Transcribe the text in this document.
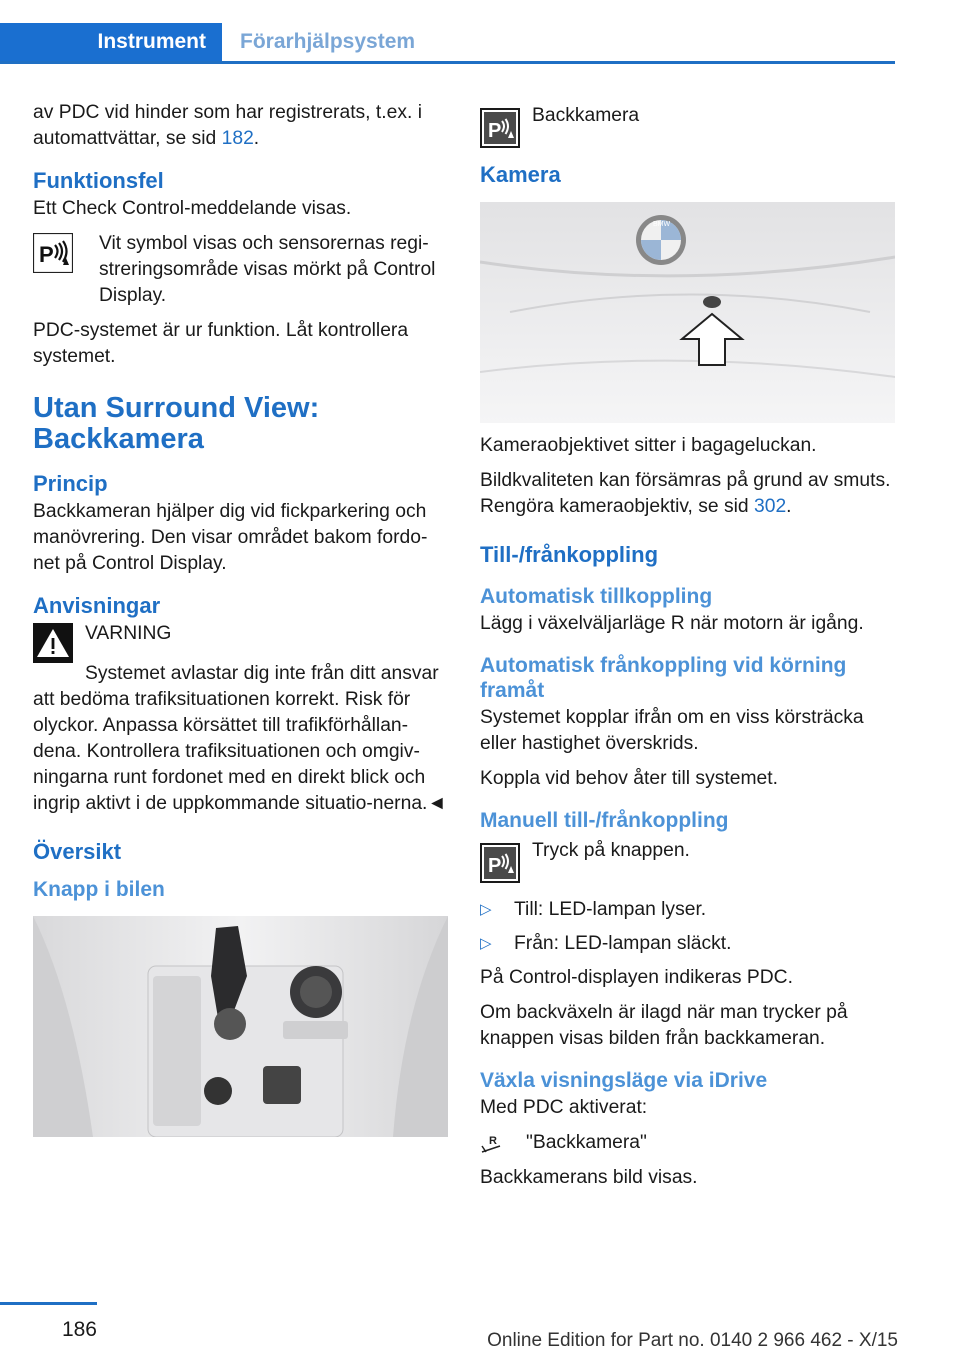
Instrument	Förarhjälpsystem

av PDC vid hinder som har registrerats, t.ex. i automattvättar, se sid 182.

Funktionsfel

Ett Check Control-meddelande visas.

P Vit symbol visas och sensorernas regi-streringsområde visas mörkt på Control Display.

PDC-systemet är ur funktion. Låt kontrollera systemet.

Utan Surround View: Backkamera
Princip

Backkameran hjälper dig vid fickparkering och manövrering. Den visar området bakom fordo-net på Control Display.

Anvisningar

VARNING

Systemet avlastar dig inte från ditt ansvar att bedöma trafiksituationen korrekt. Risk för olyckor. Anpassa körsättet till trafikförhållan-dena. Kontrollera trafiksituationen och omgiv-ningarna runt fordonet med en direkt blick och ingrip aktivt i de uppkommande situatio-nerna.◄

Översikt
Knapp i bilen
P

Backkamera

Kamera
BMW

Kameraobjektivet sitter i bagageluckan.

Bildkvaliteten kan försämras på grund av smuts. Rengöra kameraobjektiv, se sid 302.

Till-/frånkoppling
Automatisk tillkoppling

Lägg i växelväljarläge R när motorn är igång.

Automatisk frånkoppling vid körning framåt

Systemet kopplar ifrån om en viss körsträcka eller hastighet överskrids.

Koppla vid behov åter till systemet.

Manuell till-/frånkoppling
P

Tryck på knappen.

▷	Till: LED-lampan lyser.
▷	Från: LED-lampan släckt.

På Control-displayen indikeras PDC.

Om backväxeln är ilagd när man trycker på knappen visas bilden från backkameran.

Växla visningsläge via iDrive

Med PDC aktiverat:

R "Backkamera"

Backkamerans bild visas.

186	Online Edition for Part no. 0140 2 966 462 - X/15
